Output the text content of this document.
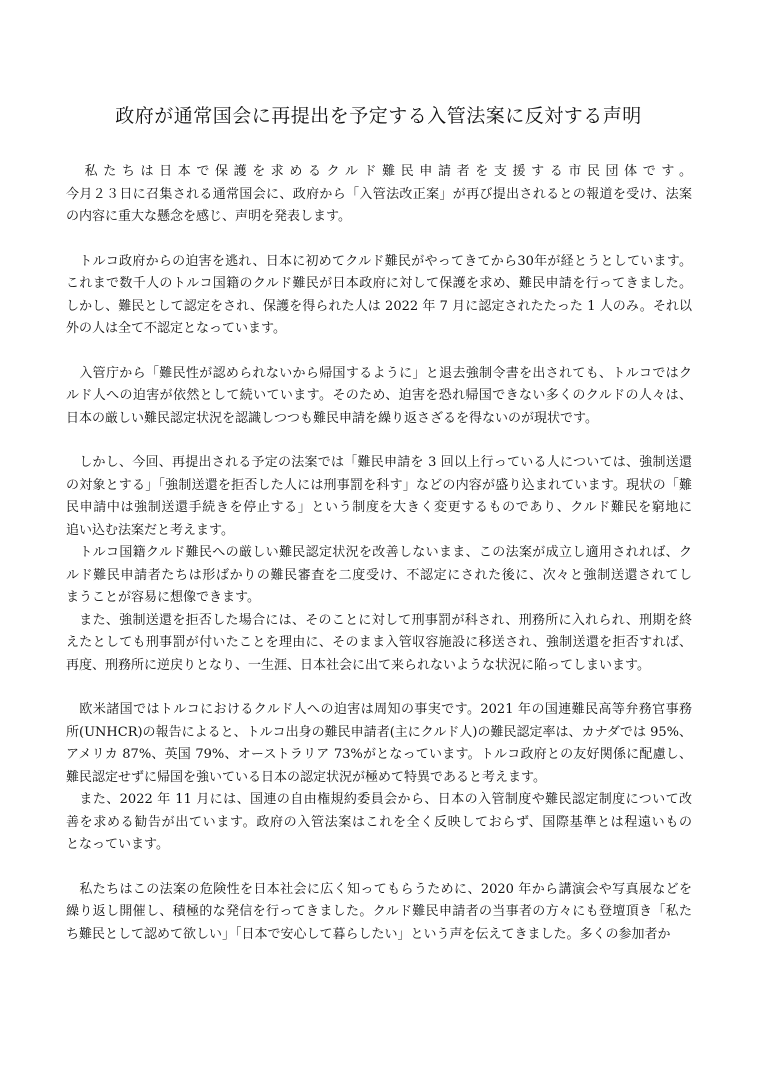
政府が通常国会に再提出を予定する入管法案に反対する声明
　私たちは日本で保護を求めるクルド難民申請者を支援する市民団体です。
今月２３日に召集される通常国会に、政府から「入管法改正案」が再び提出されるとの報道を受け、法案
の内容に重大な懸念を感じ、声明を発表します。
　トルコ政府からの迫害を逃れ、日本に初めてクルド難民がやってきてから30年が経とうとしています。
これまで数千人のトルコ国籍のクルド難民が日本政府に対して保護を求め、難民申請を行ってきました。
しかし、難民として認定をされ、保護を得られた人は 2022 年 7 月に認定されたたった 1 人のみ。それ以
外の人は全て不認定となっています。
　入管庁から「難民性が認められないから帰国するように」と退去強制令書を出されても、トルコではク
ルド人への迫害が依然として続いています。そのため、迫害を恐れ帰国できない多くのクルドの人々は、
日本の厳しい難民認定状況を認識しつつも難民申請を繰り返さざるを得ないのが現状です。
　しかし、今回、再提出される予定の法案では「難民申請を 3 回以上行っている人については、強制送還
の対象とする」「強制送還を拒否した人には刑事罰を科す」などの内容が盛り込まれています。現状の「難
民申請中は強制送還手続きを停止する」という制度を大きく変更するものであり、クルド難民を窮地に
追い込む法案だと考えます。
　トルコ国籍クルド難民への厳しい難民認定状況を改善しないまま、この法案が成立し適用されれば、ク
ルド難民申請者たちは形ばかりの難民審査を二度受け、不認定にされた後に、次々と強制送還されてし
まうことが容易に想像できます。
　また、強制送還を拒否した場合には、そのことに対して刑事罰が科され、刑務所に入れられ、刑期を終
えたとしても刑事罰が付いたことを理由に、そのまま入管収容施設に移送され、強制送還を拒否すれば、
再度、刑務所に逆戻りとなり、一生涯、日本社会に出て来られないような状況に陥ってしまいます。
　欧米諸国ではトルコにおけるクルド人への迫害は周知の事実です。2021 年の国連難民高等弁務官事務
所(UNHCR)の報告によると、トルコ出身の難民申請者(主にクルド人)の難民認定率は、カナダでは 95%、
アメリカ 87%、英国 79%、オーストラリア 73%がとなっています。トルコ政府との友好関係に配慮し、
難民認定せずに帰国を強いている日本の認定状況が極めて特異であると考えます。
　また、2022 年 11 月には、国連の自由権規約委員会から、日本の入管制度や難民認定制度について改
善を求める勧告が出ています。政府の入管法案はこれを全く反映しておらず、国際基準とは程遠いもの
となっています。
　私たちはこの法案の危険性を日本社会に広く知ってもらうために、2020 年から講演会や写真展などを
繰り返し開催し、積極的な発信を行ってきました。クルド難民申請者の当事者の方々にも登壇頂き「私た
ち難民として認めて欲しい」「日本で安心して暮らしたい」という声を伝えてきました。多くの参加者か
